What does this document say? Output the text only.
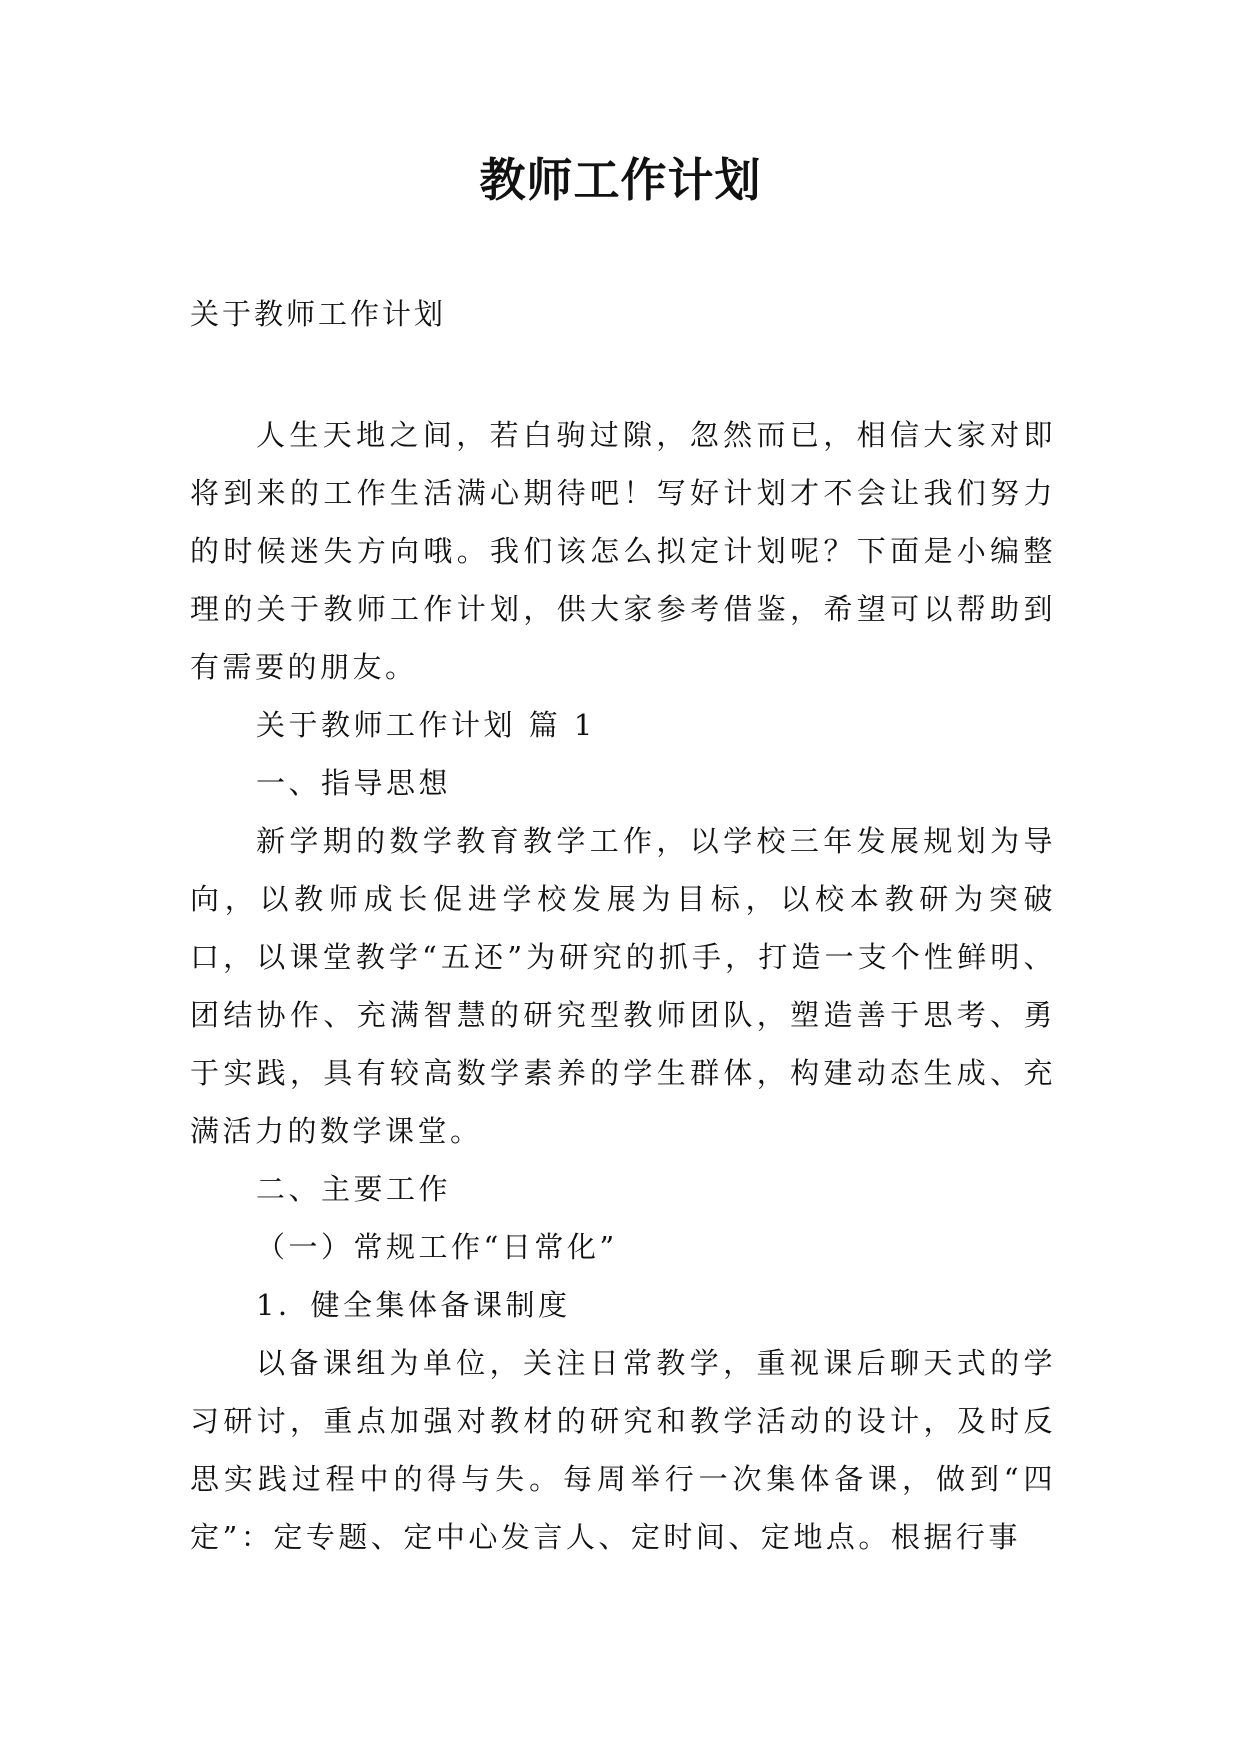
教师工作计划

关于教师工作计划

人生天地之间，若白驹过隙，忽然而已，相信大家对即将到来的工作生活满心期待吧！写好计划才不会让我们努力的时候迷失方向哦。我们该怎么拟定计划呢？下面是小编整理的关于教师工作计划，供大家参考借鉴，希望可以帮助到有需要的朋友。

关于教师工作计划 篇 1

一、指导思想

新学期的数学教育教学工作，以学校三年发展规划为导向，以教师成长促进学校发展为目标，以校本教研为突破口，以课堂教学“五还”为研究的抓手，打造一支个性鲜明、团结协作、充满智慧的研究型教师团队，塑造善于思考、勇于实践，具有较高数学素养的学生群体，构建动态生成、充满活力的数学课堂。

二、主要工作

（一）常规工作“日常化”

1．健全集体备课制度

以备课组为单位，关注日常教学，重视课后聊天式的学习研讨，重点加强对教材的研究和教学活动的设计，及时反思实践过程中的得与失。每周举行一次集体备课，做到“四定”：定专题、定中心发言人、定时间、定地点。根据行事
